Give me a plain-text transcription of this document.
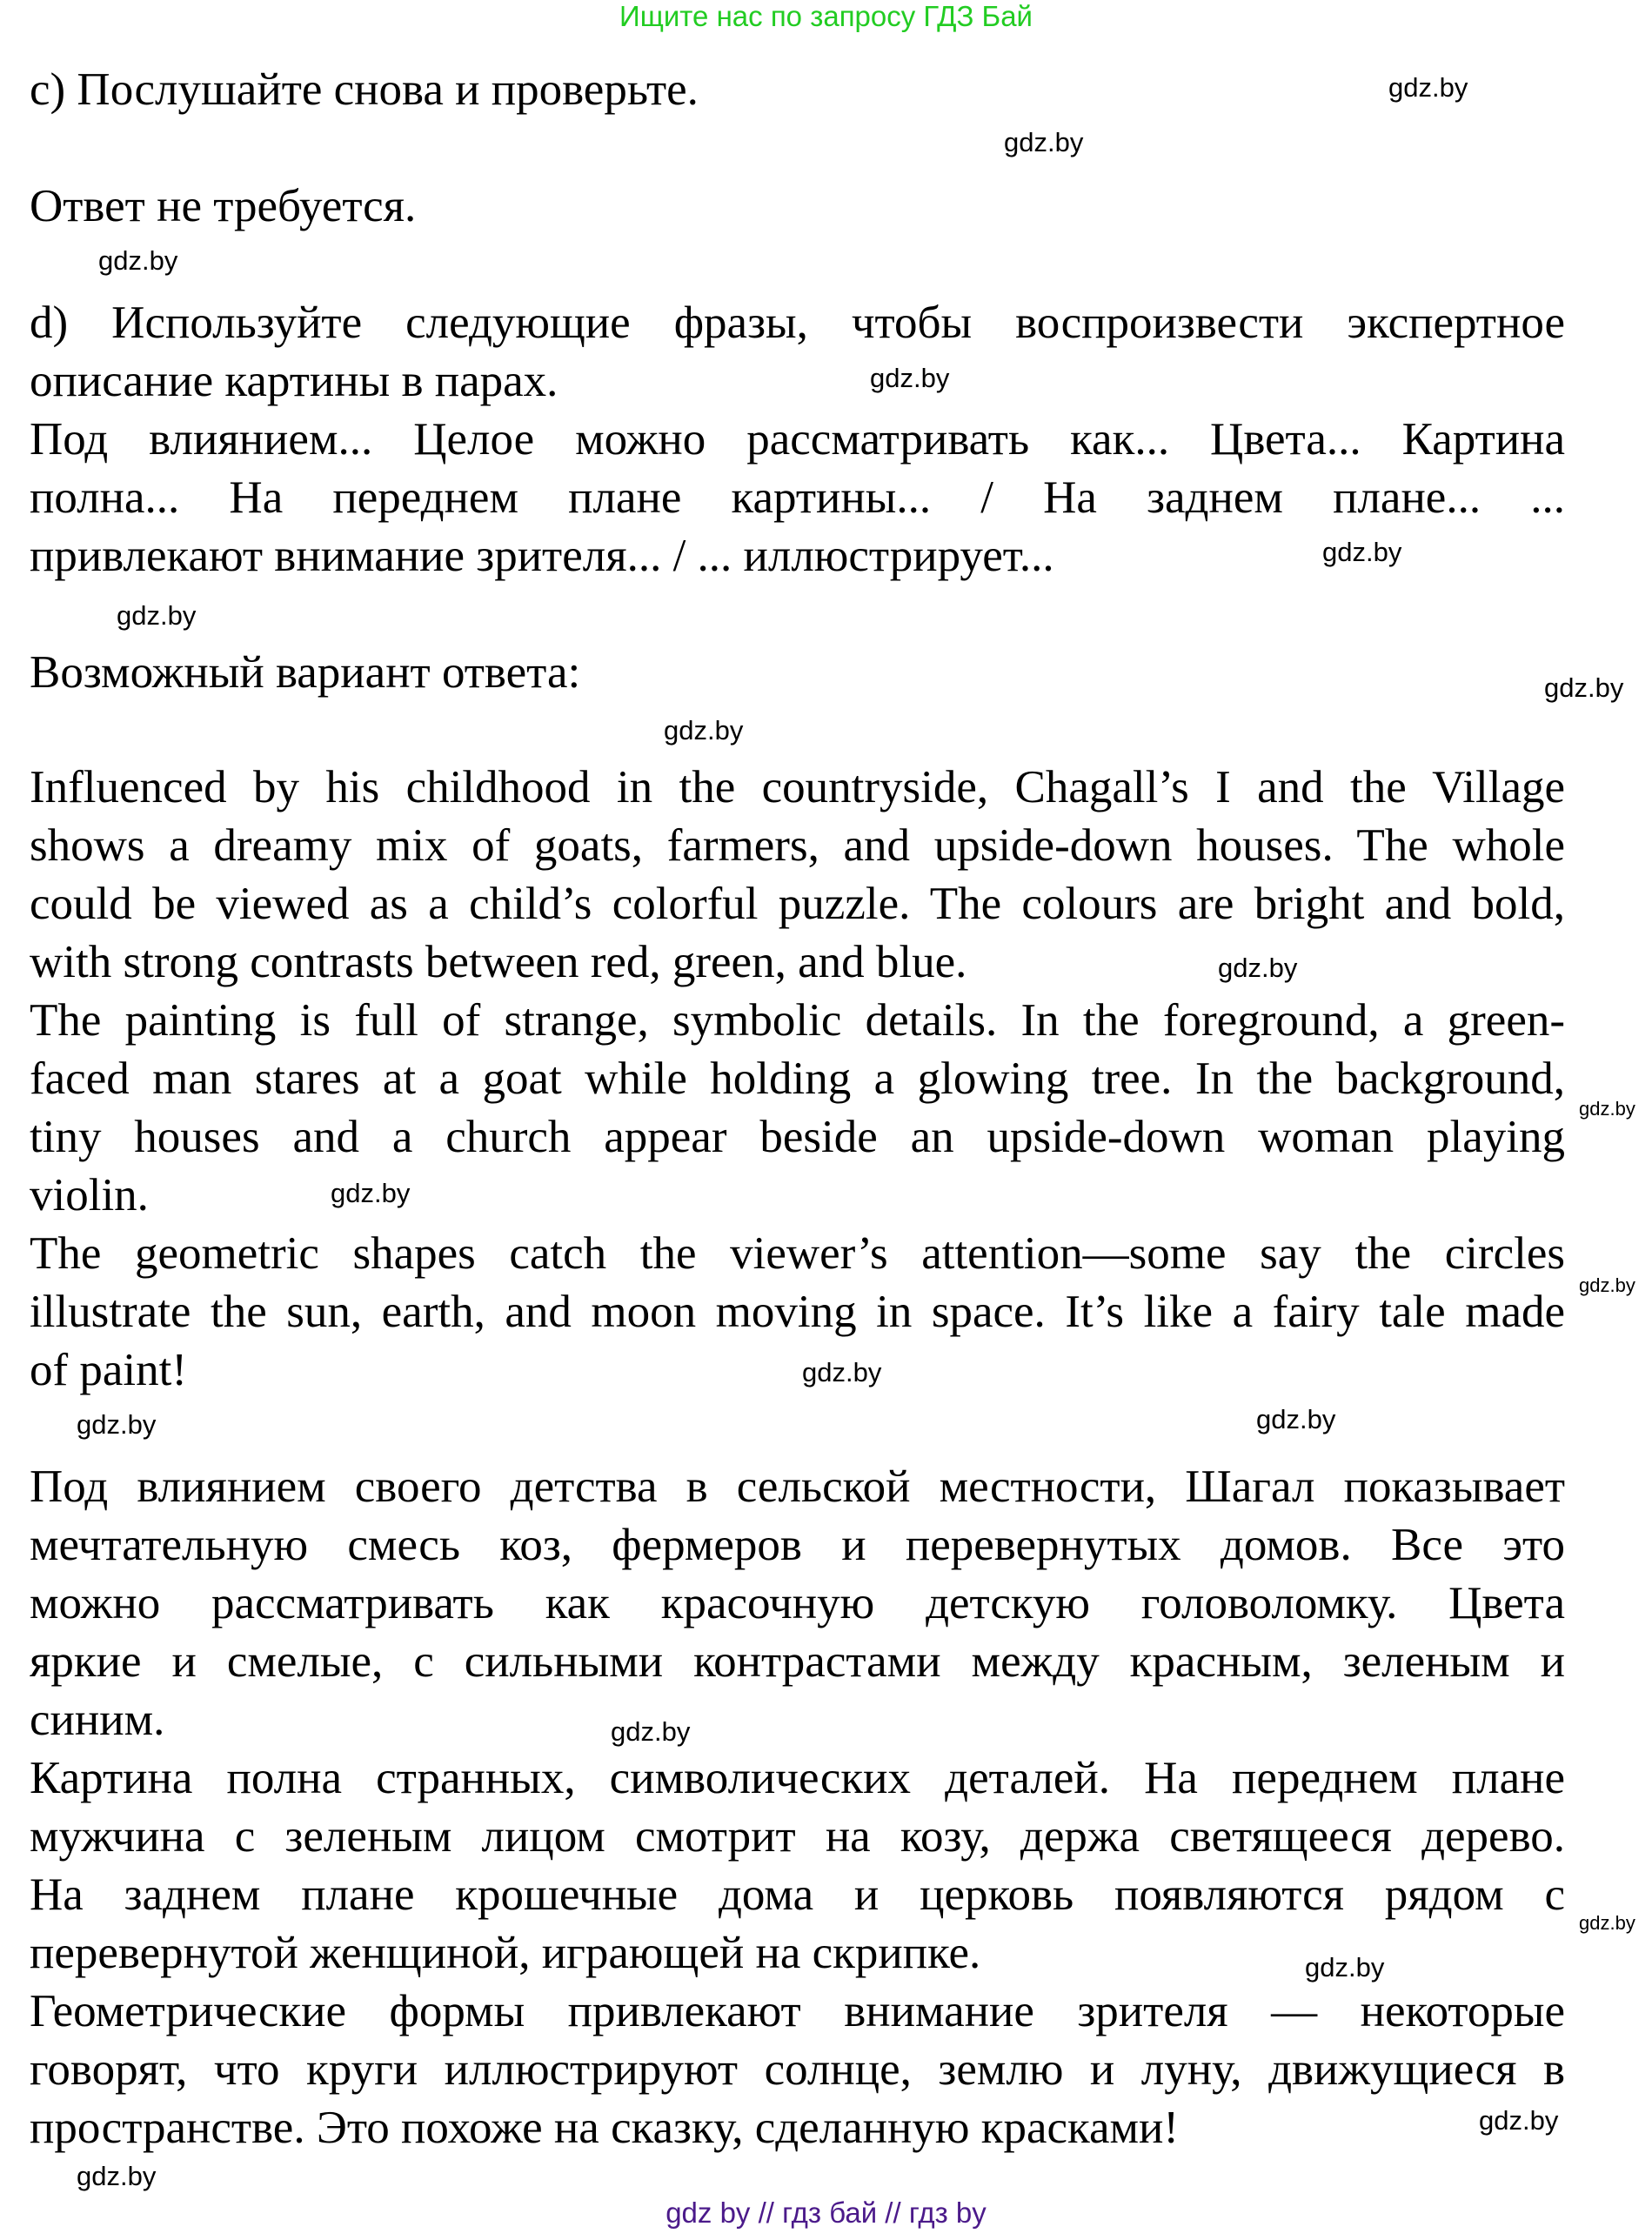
Ищите нас по запросу ГДЗ Бай
c) Послушайте снова и проверьте.
Ответ не требуется.
d) Используйте следующие фразы, чтобы воспроизвести экспертное
описание картины в парах.
Под влиянием... Целое можно рассматривать как... Цвета... Картина
полна... На переднем плане картины... / На заднем плане... ...
привлекают внимание зрителя... / ... иллюстрирует...
Возможный вариант ответа:
Influenced by his childhood in the countryside, Chagall’s I and the Village
shows a dreamy mix of goats, farmers, and upside-down houses. The whole
could be viewed as a child’s colorful puzzle. The colours are bright and bold,
with strong contrasts between red, green, and blue.
The painting is full of strange, symbolic details. In the foreground, a green-
faced man stares at a goat while holding a glowing tree. In the background,
tiny houses and a church appear beside an upside-down woman playing
violin.
The geometric shapes catch the viewer’s attention—some say the circles
illustrate the sun, earth, and moon moving in space. It’s like a fairy tale made
of paint!
Под влиянием своего детства в сельской местности, Шагал показывает
мечтательную смесь коз, фермеров и перевернутых домов. Все это
можно рассматривать как красочную детскую головоломку. Цвета
яркие и смелые, с сильными контрастами между красным, зеленым и
синим.
Картина полна странных, символических деталей. На переднем плане
мужчина с зеленым лицом смотрит на козу, держа светящееся дерево.
На заднем плане крошечные дома и церковь появляются рядом с
перевернутой женщиной, играющей на скрипке.
Геометрические формы привлекают внимание зрителя — некоторые
говорят, что круги иллюстрируют солнце, землю и луну, движущиеся в
пространстве. Это похоже на сказку, сделанную красками!
gdz.by
gdz.by
gdz.by
gdz.by
gdz.by
gdz.by
gdz.by
gdz.by
gdz.by
gdz.by
gdz.by
gdz.by
gdz.by
gdz.by
gdz.by
gdz.by
gdz.by
gdz.by
gdz.by
gdz.by
gdz by // гдз бай // гдз by
